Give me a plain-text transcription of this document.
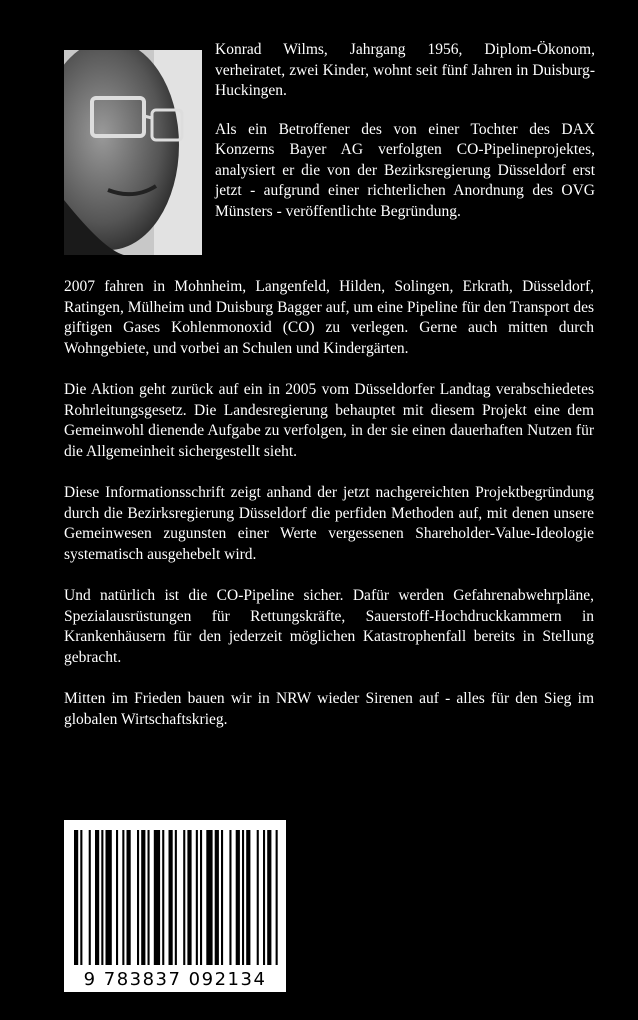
Konrad Wilms, Jahrgang 1956, Diplom-Ökonom, verheiratet, zwei Kinder, wohnt seit fünf Jahren in Duisburg-Huckingen.

Als ein Betroffener des von einer Tochter des DAX Konzerns Bayer AG verfolgten CO-Pipelineprojektes, analysiert er die von der Bezirksregierung Düsseldorf erst jetzt - aufgrund einer richterlichen Anordnung des OVG Münsters - veröffentlichte Begründung.

2007 fahren in Mohnheim, Langenfeld, Hilden, Solingen, Erkrath, Düsseldorf, Ratingen, Mülheim und Duisburg Bagger auf, um eine Pipeline für den Transport des giftigen Gases Kohlenmonoxid (CO) zu verlegen. Gerne auch mitten durch Wohngebiete, und vorbei an Schulen und Kindergärten.

Die Aktion geht zurück auf ein in 2005 vom Düsseldorfer Landtag verabschiedetes Rohrleitungsgesetz. Die Landesregierung behauptet mit diesem Projekt eine dem Gemeinwohl dienende Aufgabe zu verfolgen, in der sie einen dauerhaften Nutzen für die Allgemeinheit sichergestellt sieht.

Diese Informationsschrift zeigt anhand der jetzt nachgereichten Projektbegründung durch die Bezirksregierung Düsseldorf die perfiden Methoden auf, mit denen unsere Gemeinwesen zugunsten einer Werte vergessenen Shareholder-Value-Ideologie systematisch ausgehebelt wird.

Und natürlich ist die CO-Pipeline sicher. Dafür werden Gefahrenabwehrpläne, Spezialausrüstungen für Rettungskräfte, Sauerstoff-Hochdruckkammern in Krankenhäusern für den jederzeit möglichen Katastrophenfall bereits in Stellung gebracht.

Mitten im Frieden bauen wir in NRW wieder Sirenen auf - alles für den Sieg im globalen Wirtschaftskrieg.

9 783837 092134
